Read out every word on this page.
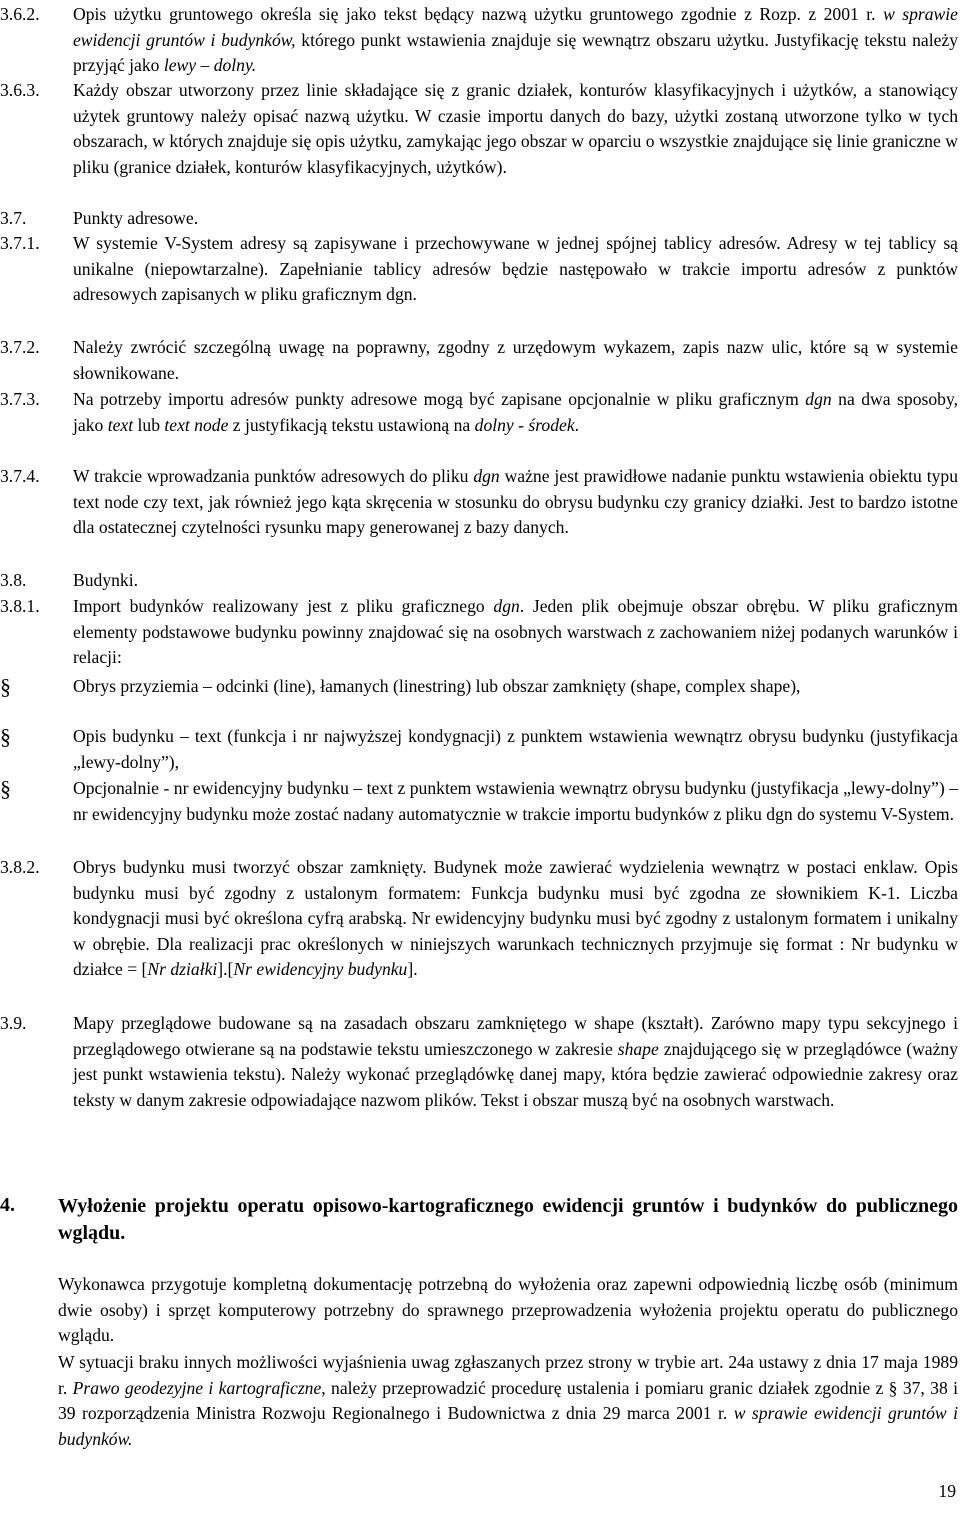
3.6.2.	Opis użytku gruntowego określa się jako tekst będący nazwą użytku gruntowego zgodnie z Rozp. z 2001 r. w sprawie ewidencji gruntów i budynków, którego punkt wstawienia znajduje się wewnątrz obszaru użytku. Justyfikację tekstu należy przyjąć jako lewy – dolny.
3.6.3.	Każdy obszar utworzony przez linie składające się z granic działek, konturów klasyfikacyjnych i użytków, a stanowiący użytek gruntowy należy opisać nazwą użytku. W czasie importu danych do bazy, użytki zostaną utworzone tylko w tych obszarach, w których znajduje się opis użytku, zamykając jego obszar w oparciu o wszystkie znajdujące się linie graniczne w pliku (granice działek, konturów klasyfikacyjnych, użytków).
3.7.	Punkty adresowe.
3.7.1.	W systemie V-System adresy są zapisywane i przechowywane w jednej spójnej tablicy adresów. Adresy w tej tablicy są unikalne (niepowtarzalne). Zapełnianie tablicy adresów będzie następowało w trakcie importu adresów z punktów adresowych zapisanych w pliku graficznym dgn.
3.7.2.	Należy zwrócić szczególną uwagę na poprawny, zgodny z urzędowym wykazem, zapis nazw ulic, które są w systemie słownikowane.
3.7.3.	Na potrzeby importu adresów punkty adresowe mogą być zapisane opcjonalnie w pliku graficznym dgn na dwa sposoby, jako text lub text node z justyfikacją tekstu ustawioną na dolny - środek.
3.7.4.	W trakcie wprowadzania punktów adresowych do pliku dgn ważne jest prawidłowe nadanie punktu wstawienia obiektu typu text node czy text, jak również jego kąta skręcenia w stosunku do obrysu budynku czy granicy działki. Jest to bardzo istotne dla ostatecznej czytelności rysunku mapy generowanej z bazy danych.
3.8.	Budynki.
3.8.1.	Import budynków realizowany jest z pliku graficznego dgn. Jeden plik obejmuje obszar obrębu. W pliku graficznym elementy podstawowe budynku powinny znajdować się na osobnych warstwach z zachowaniem niżej podanych warunków i relacji:
§	Obrys przyziemia – odcinki (line), łamanych (linestring) lub obszar zamknięty (shape, complex shape),
§	Opis budynku – text (funkcja i nr najwyższej kondygnacji) z punktem wstawienia wewnątrz obrysu budynku (justyfikacja „lewy-dolny”),
§	Opcjonalnie - nr ewidencyjny budynku – text z punktem wstawienia wewnątrz obrysu budynku (justyfikacja „lewy-dolny”) – nr ewidencyjny budynku może zostać nadany automatycznie w trakcie importu budynków z pliku dgn do systemu V-System.
3.8.2.	Obrys budynku musi tworzyć obszar zamknięty. Budynek może zawierać wydzielenia wewnątrz w postaci enklaw. Opis budynku musi być zgodny z ustalonym formatem: Funkcja budynku musi być zgodna ze słownikiem K-1. Liczba kondygnacji musi być określona cyfrą arabską. Nr ewidencyjny budynku musi być zgodny z ustalonym formatem i unikalny w obrębie. Dla realizacji prac określonych w niniejszych warunkach technicznych przyjmuje się format : Nr budynku w działce = [Nr działki].[Nr ewidencyjny budynku].
3.9.	Mapy przeglądowe budowane są na zasadach obszaru zamkniętego w shape (kształt). Zarówno mapy typu sekcyjnego i przeglądowego otwierane są na podstawie tekstu umieszczonego w zakresie shape znajdującego się w przeglądówce (ważny jest punkt wstawienia tekstu). Należy wykonać przeglądówkę danej mapy, która będzie zawierać odpowiednie zakresy oraz teksty w danym zakresie odpowiadające nazwom plików. Tekst i obszar muszą być na osobnych warstwach.
4. Wyłożenie projektu operatu opisowo-kartograficznego ewidencji gruntów i budynków do publicznego wglądu.
Wykonawca przygotuje kompletną dokumentację potrzebną do wyłożenia oraz zapewni odpowiednią liczbę osób (minimum dwie osoby) i sprzęt komputerowy potrzebny do sprawnego przeprowadzenia wyłożenia projektu operatu do publicznego wglądu.
W sytuacji braku innych możliwości wyjaśnienia uwag zgłaszanych przez strony w trybie art. 24a ustawy z dnia 17 maja 1989 r. Prawo geodezyjne i kartograficzne, należy przeprowadzić procedurę ustalenia i pomiaru granic działek zgodnie z § 37, 38 i 39 rozporządzenia Ministra Rozwoju Regionalnego i Budownictwa z dnia 29 marca 2001 r. w sprawie ewidencji gruntów i budynków.
19
